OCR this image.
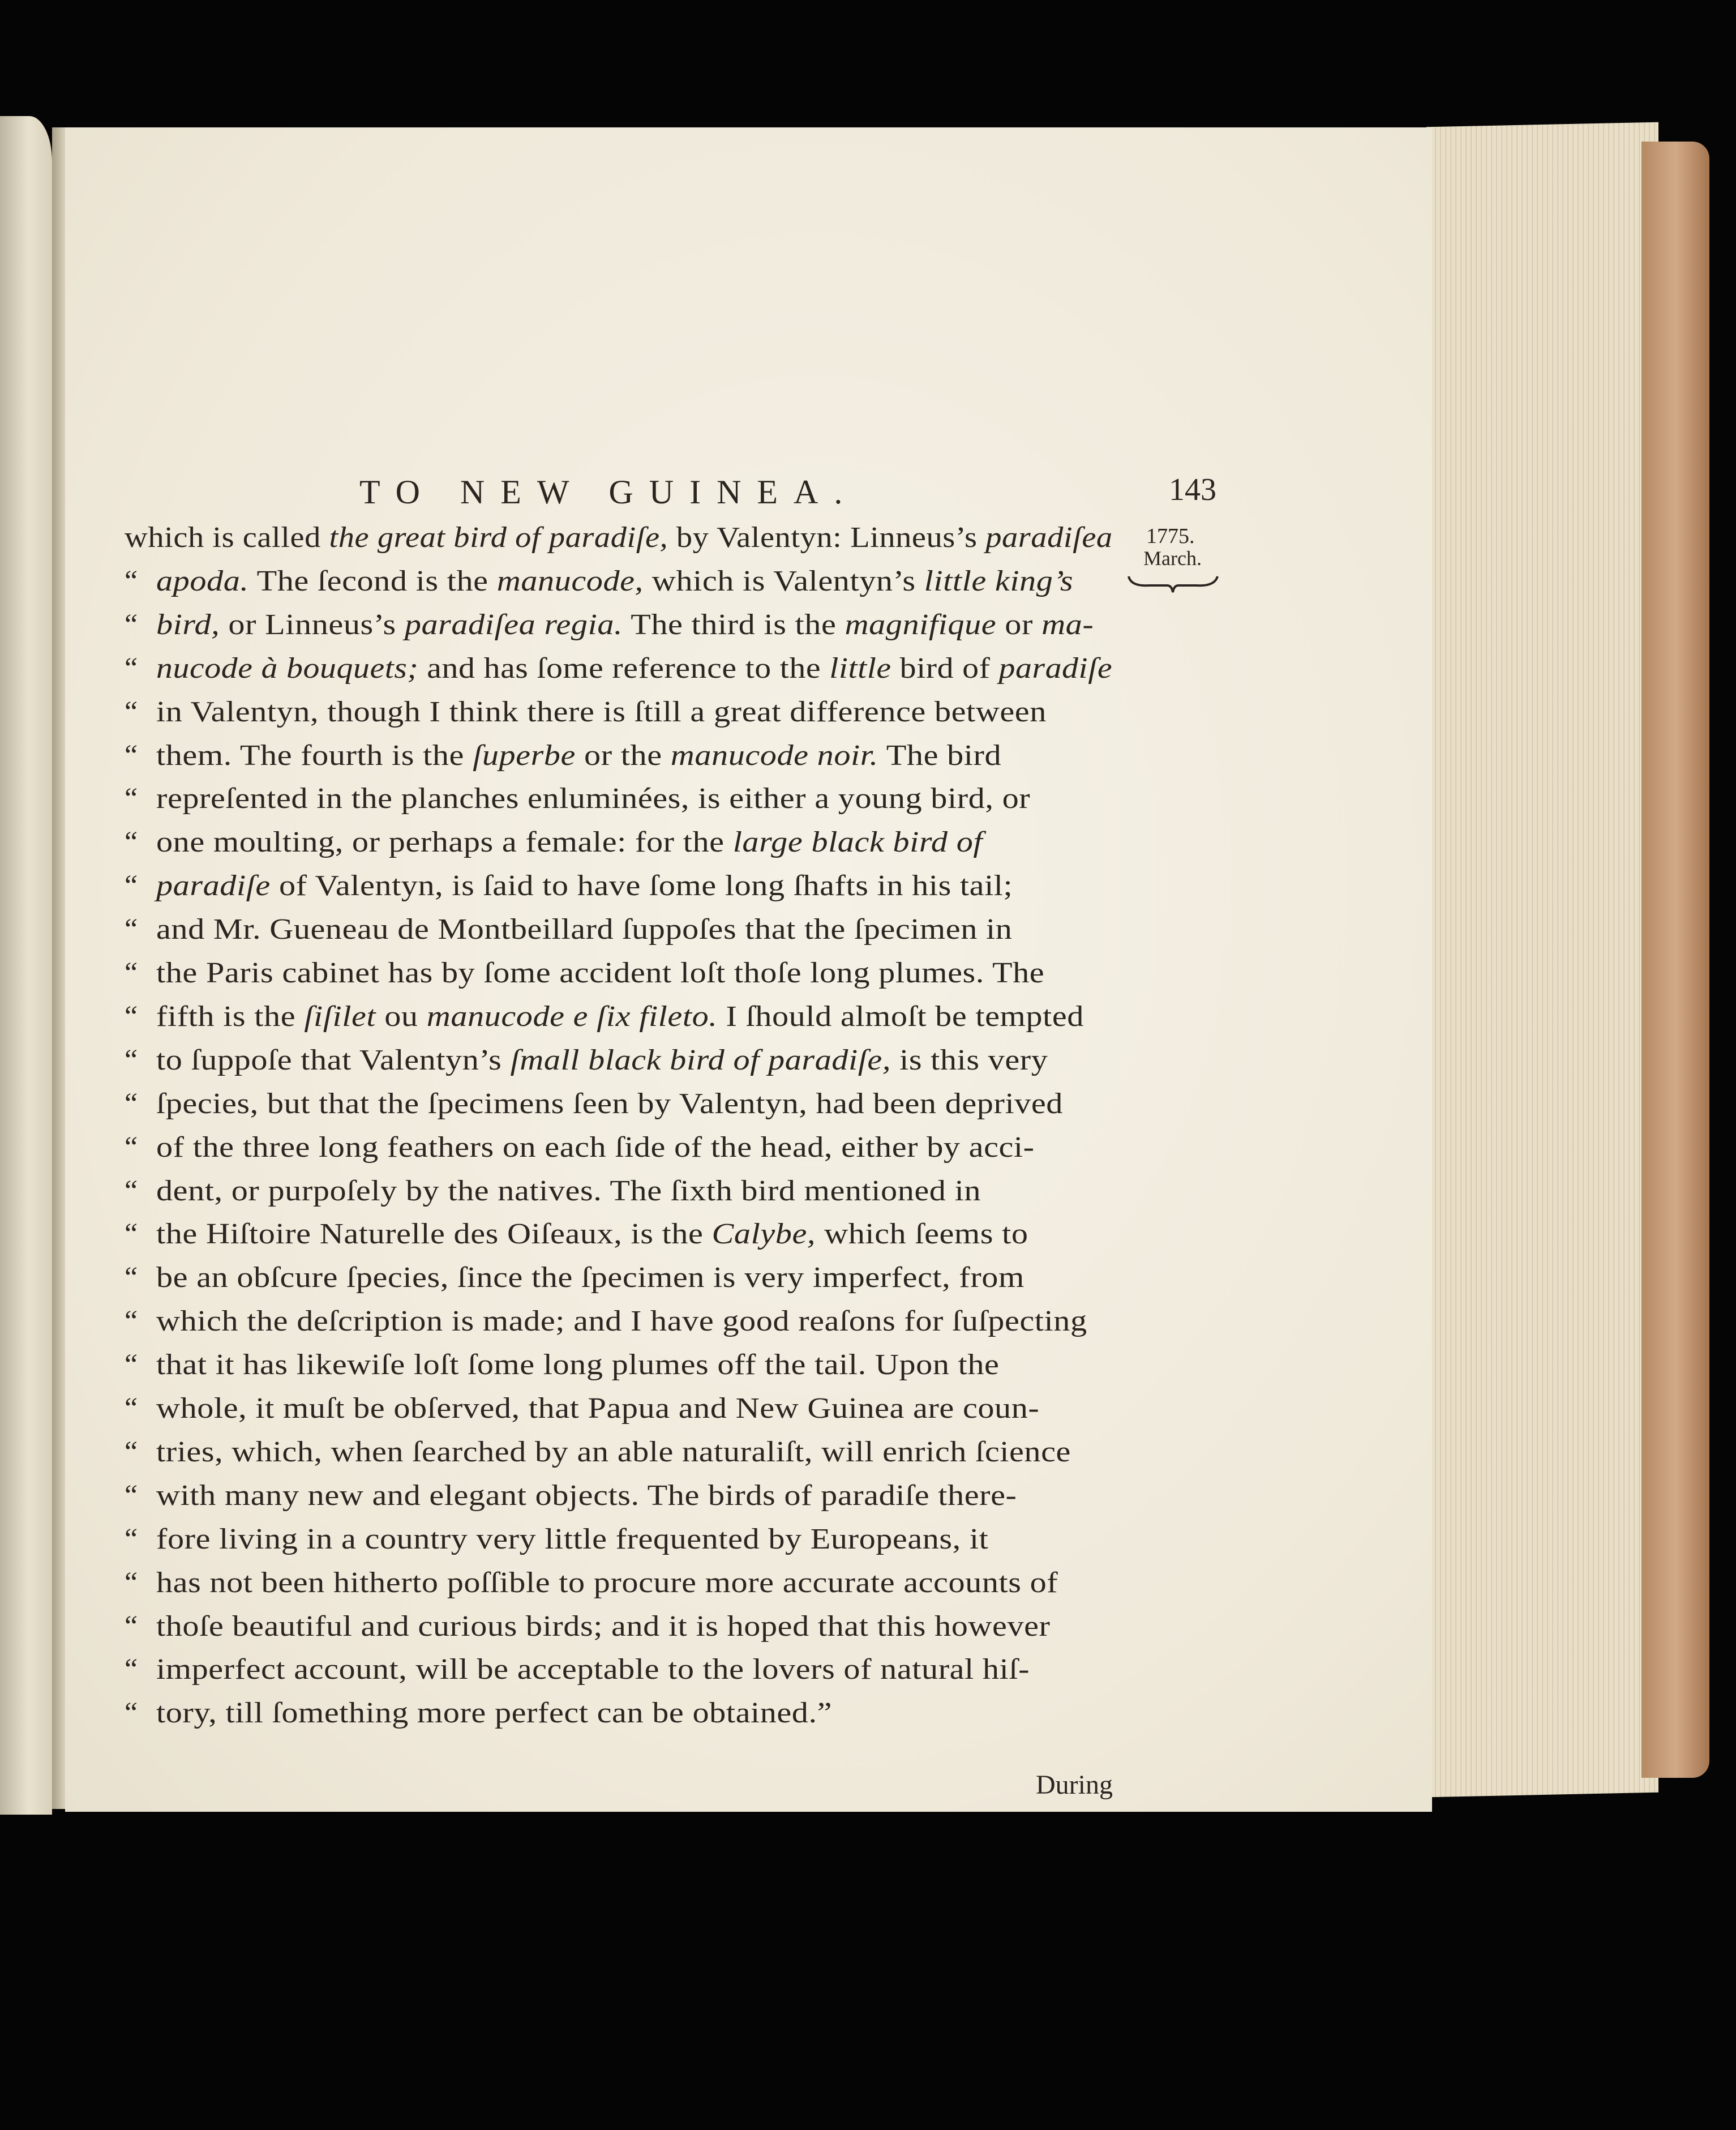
TO NEW GUINEA.	143
1775.
March.
which is called the great bird of paradiſe, by Valentyn: Linneus’s paradiſea
“ apoda. The ſecond is the manucode, which is Valentyn’s little king’s
“ bird, or Linneus’s paradiſea regia. The third is the magnifique or ma-
“ nucode à bouquets; and has ſome reference to the little bird of paradiſe
“ in Valentyn, though I think there is ſtill a great difference between
“ them. The fourth is the ſuperbe or the manucode noir. The bird
“ repreſented in the planches enluminées, is either a young bird, or
“ one moulting, or perhaps a female: for the large black bird of
“ paradiſe of Valentyn, is ſaid to have ſome long ſhafts in his tail;
“ and Mr. Gueneau de Montbeillard ſuppoſes that the ſpecimen in
“ the Paris cabinet has by ſome accident loſt thoſe long plumes. The
“ fifth is the ſiſilet ou manucode e ſix fileto. I ſhould almoſt be tempted
“ to ſuppoſe that Valentyn’s ſmall black bird of paradiſe, is this very
“ ſpecies, but that the ſpecimens ſeen by Valentyn, had been deprived
“ of the three long feathers on each ſide of the head, either by acci-
“ dent, or purpoſely by the natives. The ſixth bird mentioned in
“ the Hiſtoire Naturelle des Oiſeaux, is the Calybe, which ſeems to
“ be an obſcure ſpecies, ſince the ſpecimen is very imperfect, from
“ which the deſcription is made; and I have good reaſons for ſuſpecting
“ that it has likewiſe loſt ſome long plumes off the tail. Upon the
“ whole, it muſt be obſerved, that Papua and New Guinea are coun-
“ tries, which, when ſearched by an able naturaliſt, will enrich ſcience
“ with many new and elegant objects. The birds of paradiſe there-
“ fore living in a country very little frequented by Europeans, it
“ has not been hitherto poſſible to procure more accurate accounts of
“ thoſe beautiful and curious birds; and it is hoped that this however
“ imperfect account, will be acceptable to the lovers of natural hiſ-
“ tory, till ſomething more perfect can be obtained.”
During
